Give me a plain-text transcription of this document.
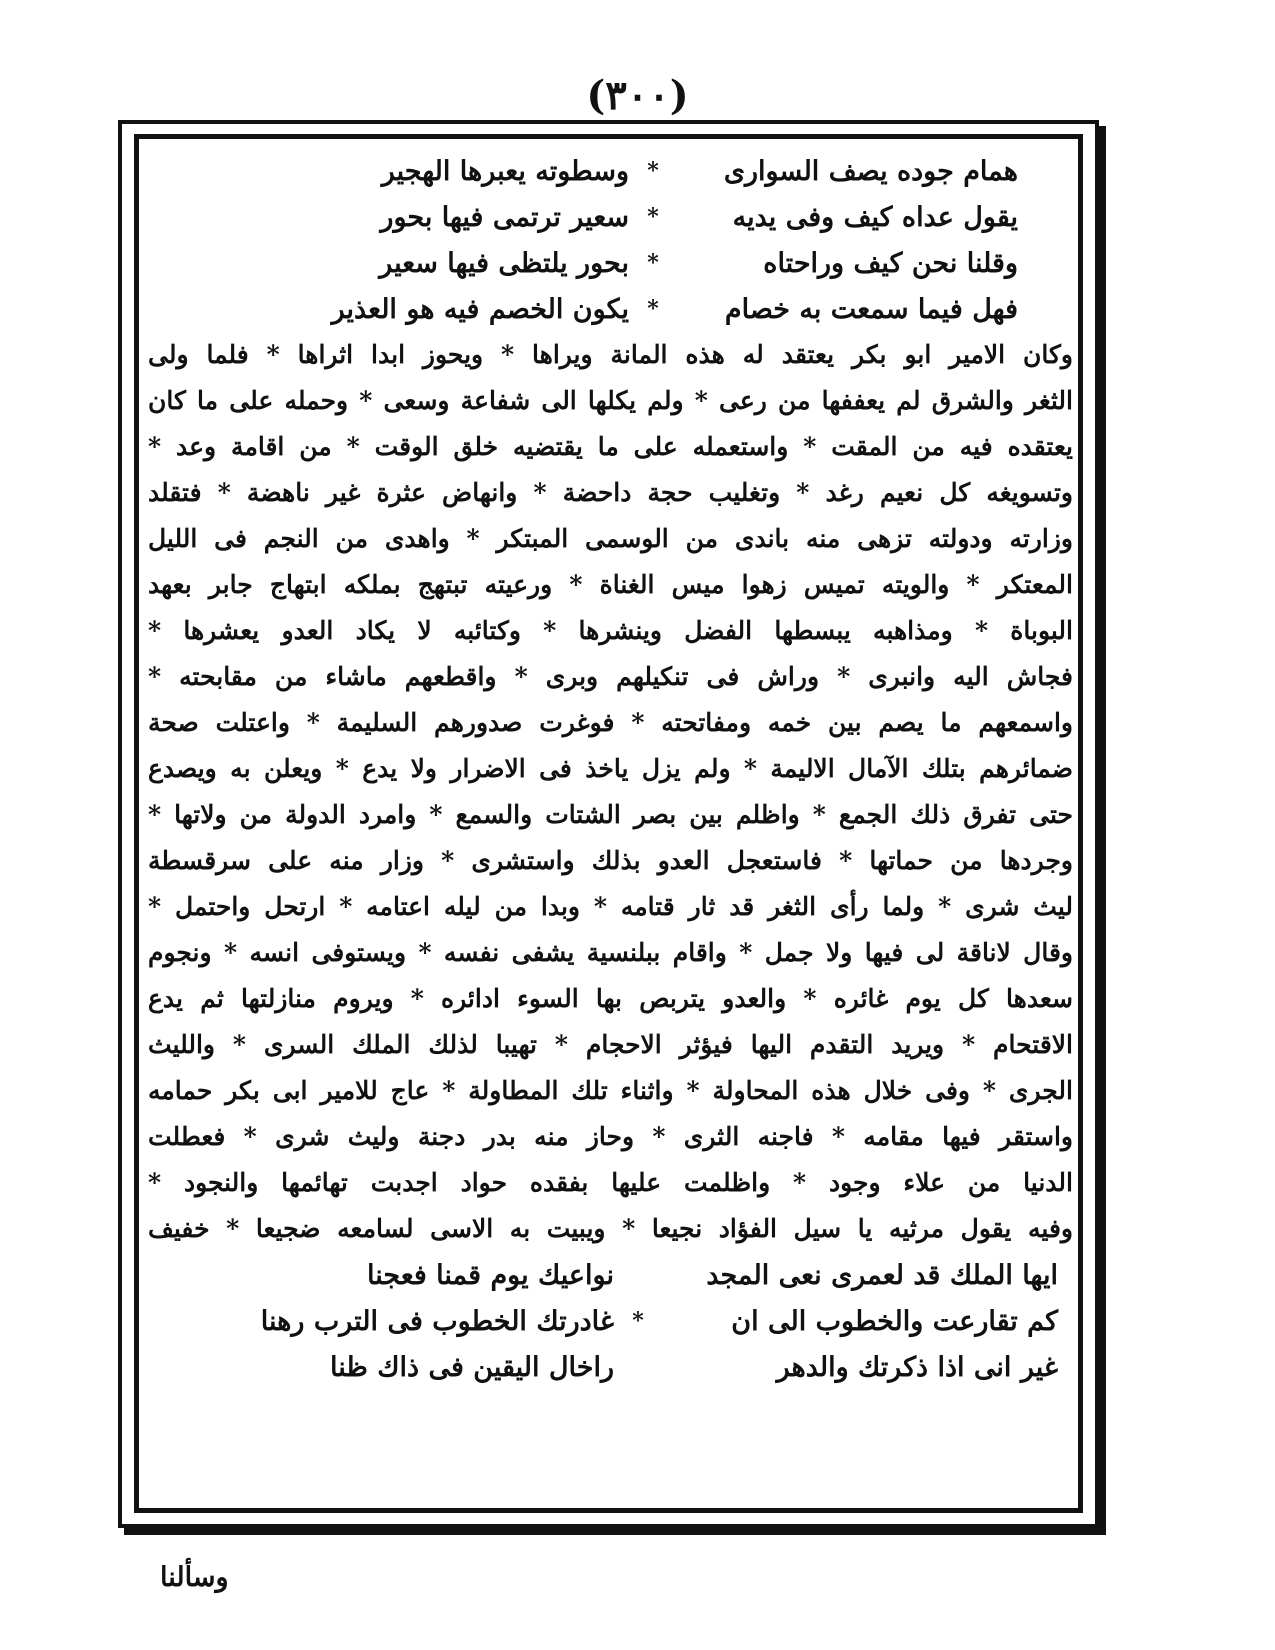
(٣٠٠)
همام جوده يصف السوارى
*
وسطوته يعبرها الهجير
يقول عداه كيف وفى يديه
*
سعير ترتمى فيها بحور
وقلنا نحن كيف وراحتاه
*
بحور يلتظى فيها سعير
فهل فيما سمعت به خصام
*
يكون الخصم فيه هو العذير
وكان الامير ابو بكر يعتقد له هذه المانة ويراها * ويحوز ابدا اثراها * فلما ولى
الثغر والشرق لم يعففها من رعى * ولم يكلها الى شفاعة وسعى * وحمله على ما كان
يعتقده فيه من المقت * واستعمله على ما يقتضيه خلق الوقت * من اقامة وعد *
وتسويغه كل نعيم رغد * وتغليب حجة داحضة * وانهاض عثرة غير ناهضة * فتقلد
وزارته ودولته تزهى منه باندى من الوسمى المبتكر * واهدى من النجم فى الليل
المعتكر * والويته تميس زهوا ميس الغناة * ورعيته تبتهج بملكه ابتهاج جابر بعهد
البوباة * ومذاهبه يبسطها الفضل وينشرها * وكتائبه لا يكاد العدو يعشرها *
فجاش اليه وانبرى * وراش فى تنكيلهم وبرى * واقطعهم ماشاء من مقابحته *
واسمعهم ما يصم بين خمه ومفاتحته * فوغرت صدورهم السليمة * واعتلت صحة
ضمائرهم بتلك الآمال الاليمة * ولم يزل ياخذ فى الاضرار ولا يدع * ويعلن به ويصدع
حتى تفرق ذلك الجمع * واظلم بين بصر الشتات والسمع * وامرد الدولة من ولاتها *
وجردها من حماتها * فاستعجل العدو بذلك واستشرى * وزار منه على سرقسطة
ليث شرى * ولما رأى الثغر قد ثار قتامه * وبدا من ليله اعتامه * ارتحل واحتمل *
وقال لاناقة لى فيها ولا جمل * واقام ببلنسية يشفى نفسه * ويستوفى انسه * ونجوم
سعدها كل يوم غائره * والعدو يتربص بها السوء ادائره * ويروم منازلتها ثم يدع
الاقتحام * ويريد التقدم اليها فيؤثر الاحجام * تهيبا لذلك الملك السرى * والليث
الجرى * وفى خلال هذه المحاولة * واثناء تلك المطاولة * عاج للامير ابى بكر حمامه
واستقر فيها مقامه * فاجنه الثرى * وحاز منه بدر دجنة وليث شرى * فعطلت
الدنيا من علاء وجود * واظلمت عليها بفقده حواد اجدبت تهائمها والنجود *
وفيه يقول مرثيه يا سيل الفؤاد نجيعا * ويبيت به الاسى لسامعه ضجيعا * خفيف
ايها الملك قد لعمرى نعى المجد
نواعيك يوم قمنا فعجنا
كم تقارعت والخطوب الى ان
*
غادرتك الخطوب فى الترب رهنا
غير انى اذا ذكرتك والدهر
راخال اليقين فى ذاك ظنا
وسألنا
